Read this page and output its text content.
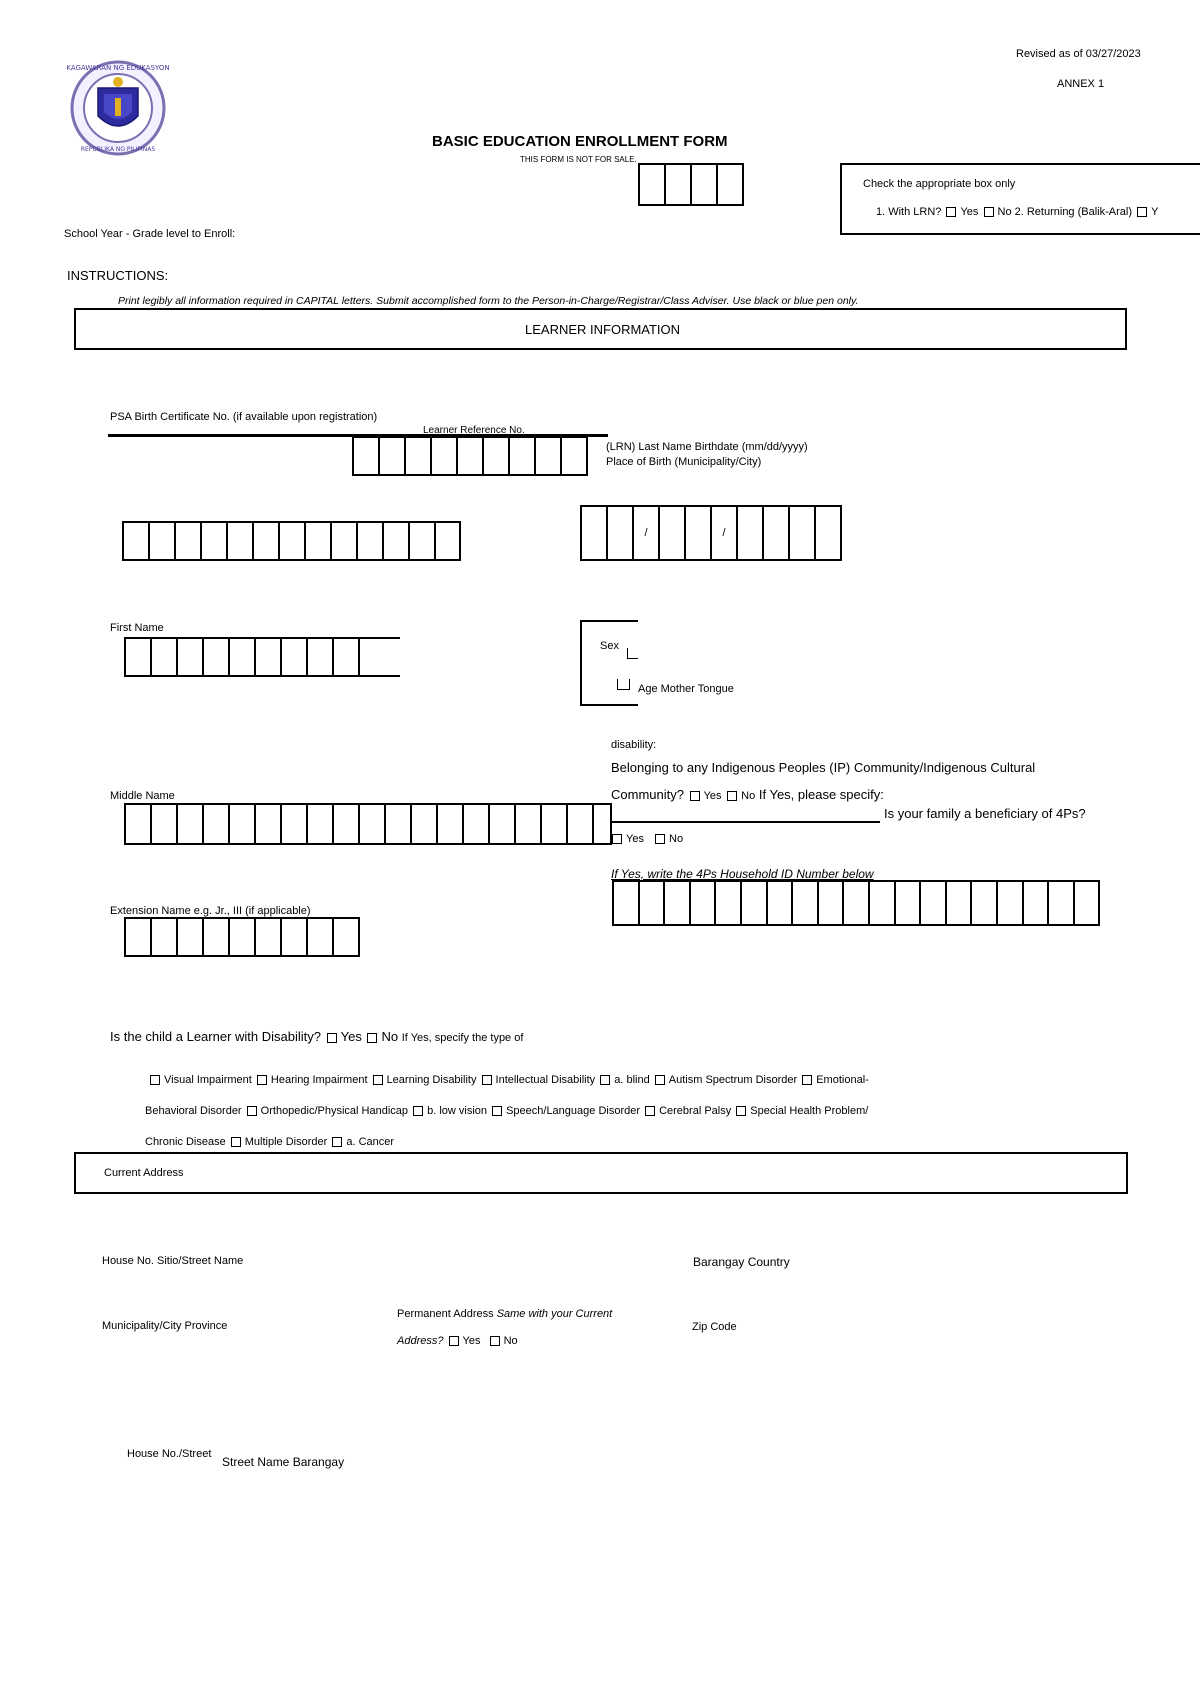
KAGAWARAN NG EDUKASYON
REPUBLIKA NG PILIPINAS
Revised as of 03/27/2023
ANNEX 1
BASIC EDUCATION ENROLLMENT FORM
THIS FORM IS NOT FOR SALE.
Check the appropriate box only
1. With LRN? Yes No 2. Returning (Balik-Aral) Y
School Year - Grade level to Enroll:
INSTRUCTIONS:
Print legibly all information required in CAPITAL letters. Submit accomplished form to the Person-in-Charge/Registrar/Class Adviser. Use black or blue pen only.
LEARNER INFORMATION
PSA Birth Certificate No. (if available upon registration)
Learner Reference No.
(LRN) Last Name Birthdate (mm/dd/yyyy)
Place of Birth (Municipality/City)
/	/
First Name
Sex
Age Mother Tongue
disability:
Belonging to any Indigenous Peoples (IP) Community/Indigenous Cultural
Community? Yes No If Yes, please specify:
Is your family a beneficiary of 4Ps?
Yes No
Middle Name
If Yes, write the 4Ps Household ID Number below
Extension Name e.g. Jr., III (if applicable)
Is the child a Learner with Disability? Yes No If Yes, specify the type of
Visual Impairment Hearing Impairment Learning Disability Intellectual Disability a. blind Autism Spectrum Disorder Emotional-
Behavioral Disorder Orthopedic/Physical Handicap b. low vision Speech/Language Disorder Cerebral Palsy Special Health Problem/
Chronic Disease Multiple Disorder a. Cancer
Current Address
House No. Sitio/Street Name	Barangay Country
Municipality/City Province
Permanent Address Same with your Current
Address? Yes No
Zip Code
House No./Street
Street Name Barangay
